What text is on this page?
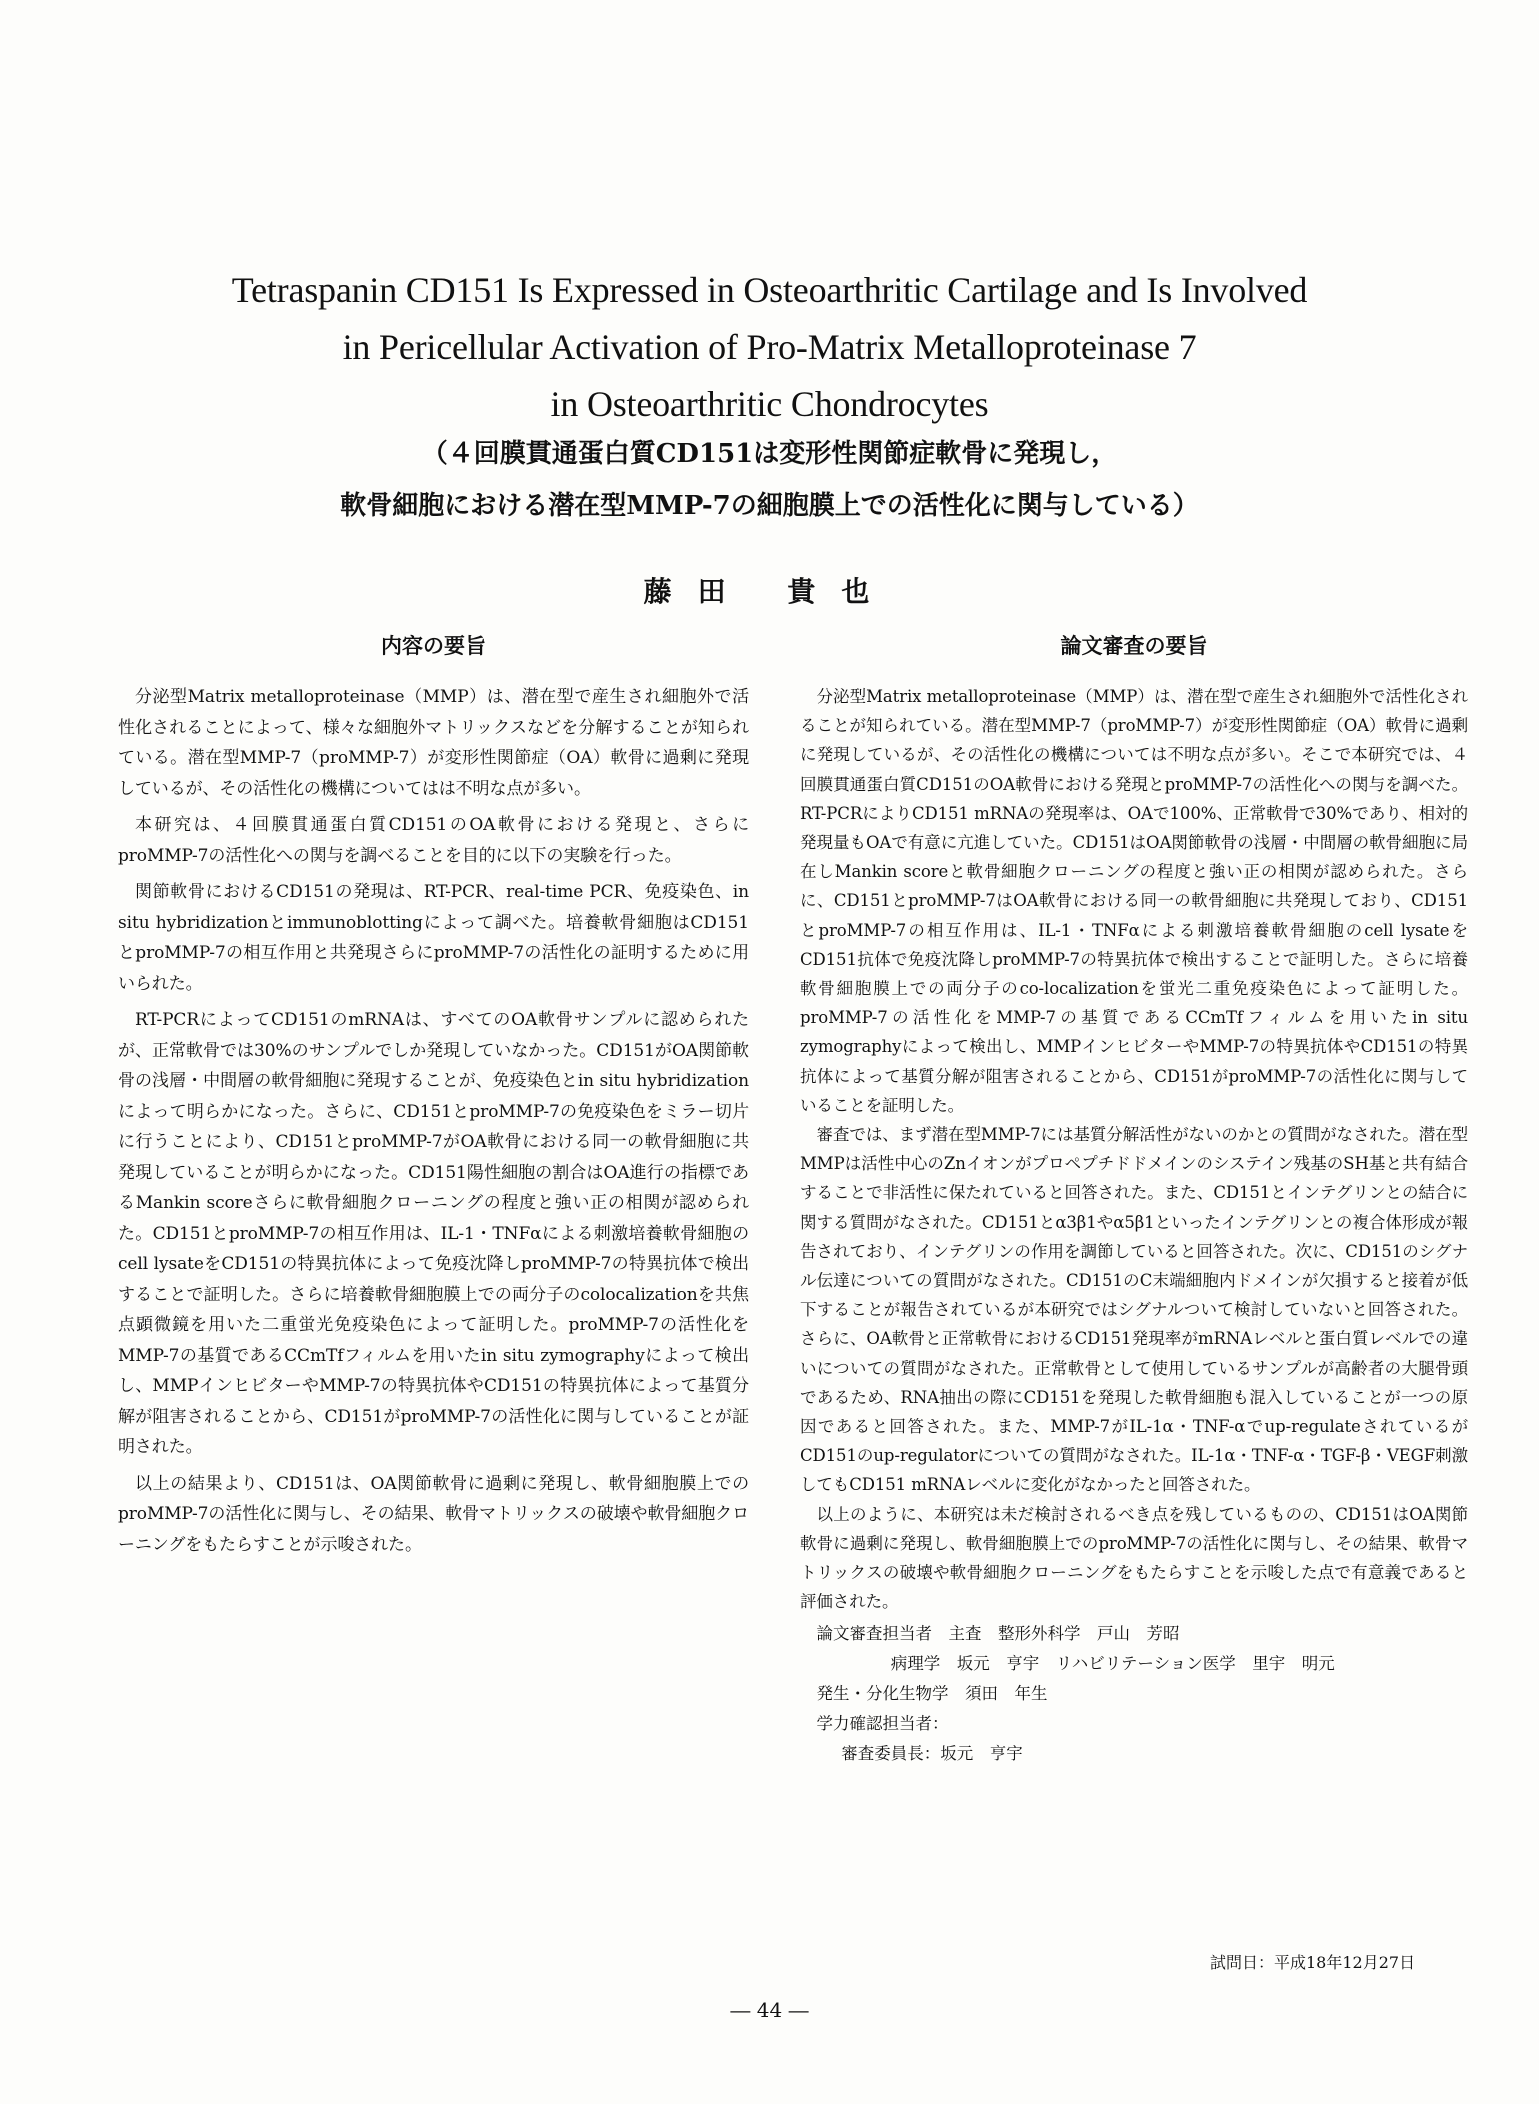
Tetraspanin CD151 Is Expressed in Osteoarthritic Cartilage and Is Involved
in Pericellular Activation of Pro-Matrix Metalloproteinase 7
in Osteoarthritic Chondrocytes
（４回膜貫通蛋白質CD151は変形性関節症軟骨に発現し，
軟骨細胞における潜在型MMP-7の細胞膜上での活性化に関与している）
藤田 貴也
内容の要旨

分泌型Matrix metalloproteinase（MMP）は、潜在型で産生され細胞外で活性化されることによって、様々な細胞外マトリックスなどを分解することが知られている。潜在型MMP-7（proMMP-7）が変形性関節症（OA）軟骨に過剰に発現しているが、その活性化の機構についてはは不明な点が多い。

本研究は、４回膜貫通蛋白質CD151のOA軟骨における発現と、さらにproMMP-7の活性化への関与を調べることを目的に以下の実験を行った。

関節軟骨におけるCD151の発現は、RT-PCR、real-time PCR、免疫染色、in situ hybridizationとimmunoblottingによって調べた。培養軟骨細胞はCD151とproMMP-7の相互作用と共発現さらにproMMP-7の活性化の証明するために用いられた。

RT-PCRによってCD151のmRNAは、すべてのOA軟骨サンプルに認められたが、正常軟骨では30%のサンプルでしか発現していなかった。CD151がOA関節軟骨の浅層・中間層の軟骨細胞に発現することが、免疫染色とin situ hybridizationによって明らかになった。さらに、CD151とproMMP-7の免疫染色をミラー切片に行うことにより、CD151とproMMP-7がOA軟骨における同一の軟骨細胞に共発現していることが明らかになった。CD151陽性細胞の割合はOA進行の指標であるMankin scoreさらに軟骨細胞クローニングの程度と強い正の相関が認められた。CD151とproMMP-7の相互作用は、IL-1・TNFαによる刺激培養軟骨細胞のcell lysateをCD151の特異抗体によって免疫沈降しproMMP-7の特異抗体で検出することで証明した。さらに培養軟骨細胞膜上での両分子のcolocalizationを共焦点顕微鏡を用いた二重蛍光免疫染色によって証明した。proMMP-7の活性化をMMP-7の基質であるCCmTfフィルムを用いたin situ zymographyによって検出し、MMPインヒビターやMMP-7の特異抗体やCD151の特異抗体によって基質分解が阻害されることから、CD151がproMMP-7の活性化に関与していることが証明された。

以上の結果より、CD151は、OA関節軟骨に過剰に発現し、軟骨細胞膜上でのproMMP-7の活性化に関与し、その結果、軟骨マトリックスの破壊や軟骨細胞クローニングをもたらすことが示唆された。

論文審査の要旨

分泌型Matrix metalloproteinase（MMP）は、潜在型で産生され細胞外で活性化されることが知られている。潜在型MMP-7（proMMP-7）が変形性関節症（OA）軟骨に過剰に発現しているが、その活性化の機構については不明な点が多い。そこで本研究では、４回膜貫通蛋白質CD151のOA軟骨における発現とproMMP-7の活性化への関与を調べた。RT-PCRによりCD151 mRNAの発現率は、OAで100%、正常軟骨で30%であり、相対的発現量もOAで有意に亢進していた。CD151はOA関節軟骨の浅層・中間層の軟骨細胞に局在しMankin scoreと軟骨細胞クローニングの程度と強い正の相関が認められた。さらに、CD151とproMMP-7はOA軟骨における同一の軟骨細胞に共発現しており、CD151とproMMP-7の相互作用は、IL-1・TNFαによる刺激培養軟骨細胞のcell lysateをCD151抗体で免疫沈降しproMMP-7の特異抗体で検出することで証明した。さらに培養軟骨細胞膜上での両分子のco-localizationを蛍光二重免疫染色によって証明した。proMMP-7の活性化をMMP-7の基質であるCCmTfフィルムを用いたin situ zymographyによって検出し、MMPインヒビターやMMP-7の特異抗体やCD151の特異抗体によって基質分解が阻害されることから、CD151がproMMP-7の活性化に関与していることを証明した。

審査では、まず潜在型MMP-7には基質分解活性がないのかとの質問がなされた。潜在型MMPは活性中心のZnイオンがプロペプチドドメインのシステイン残基のSH基と共有結合することで非活性に保たれていると回答された。また、CD151とインテグリンとの結合に関する質問がなされた。CD151とα3β1やα5β1といったインテグリンとの複合体形成が報告されており、インテグリンの作用を調節していると回答された。次に、CD151のシグナル伝達についての質問がなされた。CD151のC末端細胞内ドメインが欠損すると接着が低下することが報告されているが本研究ではシグナルついて検討していないと回答された。さらに、OA軟骨と正常軟骨におけるCD151発現率がmRNAレベルと蛋白質レベルでの違いについての質問がなされた。正常軟骨として使用しているサンプルが高齢者の大腿骨頭であるため、RNA抽出の際にCD151を発現した軟骨細胞も混入していることが一つの原因であると回答された。また、MMP-7がIL-1α・TNF-αでup-regulateされているがCD151のup-regulatorについての質問がなされた。IL-1α・TNF-α・TGF-β・VEGF刺激してもCD151 mRNAレベルに変化がなかったと回答された。

以上のように、本研究は未だ検討されるべき点を残しているものの、CD151はOA関節軟骨に過剰に発現し、軟骨細胞膜上でのproMMP-7の活性化に関与し、その結果、軟骨マトリックスの破壊や軟骨細胞クローニングをもたらすことを示唆した点で有意義であると評価された。

論文審査担当者　主査　整形外科学　戸山　芳昭
病理学　坂元　亨宇　リハビリテーション医学　里宇　明元
発生・分化生物学　須田　年生
学力確認担当者：
審査委員長：坂元　亨宇
試問日：平成18年12月27日
― 44 ―
